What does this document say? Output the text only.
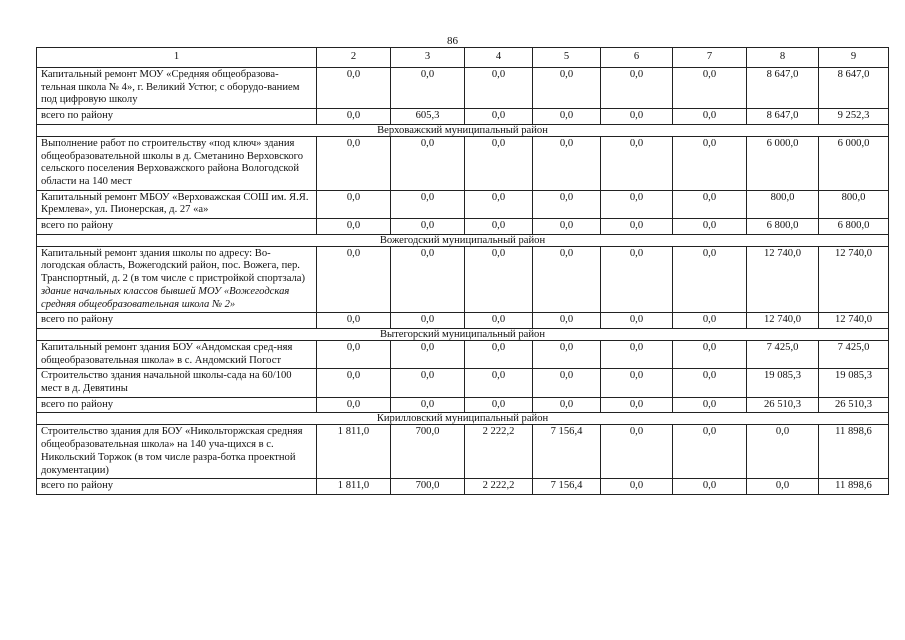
86
1	2	3	4	5	6	7	8	9
Капитальный ремонт МОУ «Средняя общеобразова-тельная школа № 4», г. Великий Устюг, с оборудо-ванием под цифровую школу	0,0	0,0	0,0	0,0	0,0	0,0	8 647,0	8 647,0
всего по району	0,0	605,3	0,0	0,0	0,0	0,0	8 647,0	9 252,3
Верховажский муниципальный район								
Выполнение работ по строительству «под ключ» здания общеобразовательной школы в д. Сметанино Верховского сельского поселения Верховажского района Вологодской области на 140 мест	0,0	0,0	0,0	0,0	0,0	0,0	6 000,0	6 000,0
Капитальный ремонт МБОУ «Верховажская СОШ им. Я.Я. Кремлева», ул. Пионерская, д. 27 «а»	0,0	0,0	0,0	0,0	0,0	0,0	800,0	800,0
всего по району	0,0	0,0	0,0	0,0	0,0	0,0	6 800,0	6 800,0
Вожегодский муниципальный район								
Капитальный ремонт здания школы по адресу: Во-логодская область, Вожегодский район, пос. Вожега, пер. Транспортный, д. 2 (в том числе с пристройкой спортзала) здание начальных классов бывшей МОУ «Вожегодская средняя общеобразовательная школа № 2»	0,0	0,0	0,0	0,0	0,0	0,0	12 740,0	12 740,0
всего по району	0,0	0,0	0,0	0,0	0,0	0,0	12 740,0	12 740,0
Вытегорский муниципальный район								
Капитальный ремонт здания БОУ «Андомская сред-няя общеобразовательная школа» в с. Андомский Погост	0,0	0,0	0,0	0,0	0,0	0,0	7 425,0	7 425,0
Строительство здания начальной школы-сада на 60/100 мест в д. Девятины	0,0	0,0	0,0	0,0	0,0	0,0	19 085,3	19 085,3
всего по району	0,0	0,0	0,0	0,0	0,0	0,0	26 510,3	26 510,3
Кирилловский муниципальный район								
Строительство здания для БОУ «Никольторжская средняя общеобразовательная школа» на 140 уча-щихся в с. Никольский Торжок (в том числе разра-ботка проектной документации)	1 811,0	700,0	2 222,2	7 156,4	0,0	0,0	0,0	11 898,6
всего по району	1 811,0	700,0	2 222,2	7 156,4	0,0	0,0	0,0	11 898,6
